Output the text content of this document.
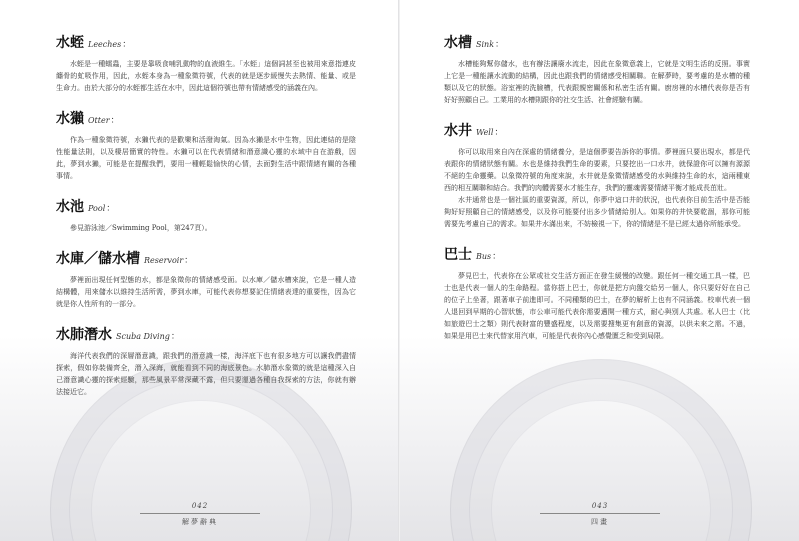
水蛭 Leeches ：

水蛭是一種蠕蟲，主要是靠吸食哺乳動物的血液維生。「水蛭」這個詞甚至也被用來意指連皮纏骨的虻吸作用，因此，水蛭本身為一種象徵符號，代表的就是逐步緩慢失去熱情、能量、或是生命力。由於大部分的水蛭都生活在水中，因此這個符號也帶有情緒感受的涵義在內。

水獺 Otter ：

作為一種象徵符號，水獺代表的是歡樂和活潑淘氣。因為水獺是水中生物，因此連結的是陰性能量法則，以及棲居簡實的特性。水獺可以在代表情緒和潛意識心靈的水域中自在游戲，因此，夢到水獺，可能是在提醒我們，要用一種輕鬆愉快的心情，去面對生活中跟情緒有關的各種事情。

水池 Pool ：

參見游泳池／Swimming Pool，第247頁）。

水庫／儲水槽 Reservoir ：

夢裡面出現任何型態的水，都是象徵你的情緒感受面。以水庫／儲水槽來說，它是一種人造結構體，用來儲水以維持生活所需，夢到水庫，可能代表你想要記住情緒表達的重要性，因為它就是你人性所有的一部分。

水肺潛水 Scuba Diving ：

海洋代表我們的深層潛意識，跟我們的潛意識一樣，海洋底下也有很多地方可以讓我們盡情探索，假如你裝備齊全，潛入深海，就能看到不同的海底景色。水肺潛水象徵的就是這種深入自己潛意識心靈的探索經驗，那些風景平常深藏不露，但只要運過各種自我探索的方法，你就有辦法接近它。

042
解夢辭典
水槽 Sink ：

水槽能夠幫你儲水，也有辦法讓廢水流走，因此在象徵意義上，它就是文明生活的反照。事實上它是一種能讓水流動的結構，因此也跟我們的情緒感受相關聯。在解夢時，要考慮的是水槽的種類以及它的狀態。浴室裡的洗臉槽，代表跟親密關係和私密生活有關。廚房裡的水槽代表你是否有好好照顧自己。工業用的水槽則跟你的社交生活、社會經驗有關。

水井 Well ：

你可以取用來自內在深處的情緒養分，是這個夢要告訴你的事情。夢裡面只要出現水，都是代表跟你的情緒狀態有關。水也是維持我們生命的要素，只要挖出一口水井，就保證你可以擁有源源不絕的生命靈藥。以象徵符號的角度來說，水井就是象徵情緒感受的水與維持生命的水，這兩種東西的相互關聯和結合。我們的肉體需要水才能生存，我們的靈魂需要情緒平衡才能成長茁壯。

水井通常也是一個社區的重要資源，所以，你夢中這口井的狀況，也代表你目前生活中是否能夠好好照顧自己的情緒感受，以及你可能要付出多少情緒給別人。如果你的井快要乾涸，那你可能需要先考慮自己的需求。如果井水滿出來，不妨檢視一下，你的情緒是不是已經太過你所能承受。

巴士 Bus ：

夢見巴士，代表你在公眾或社交生活方面正在發生緩慢的改變。跟任何一種交通工具一樣，巴士也是代表一個人的生命路程。當你搭上巴士，你就是把方向盤交給另一個人，你只要好好在自己的位子上坐著，跟著車子前進即可。不同種類的巴士，在夢的解析上也有不同涵義。校車代表一個人退回到早期的心智狀態，市公車可能代表你需要邁開一種方式，耐心與別人共處。私人巴士（比如旅遊巴士之類）則代表財富的豐盛程度，以及需要搜集更有創意的資源，以供未來之需。不過，如果是用巴士來代替家用汽車，可能是代表你內心感覺匱乏和受到局限。

043
四畫
